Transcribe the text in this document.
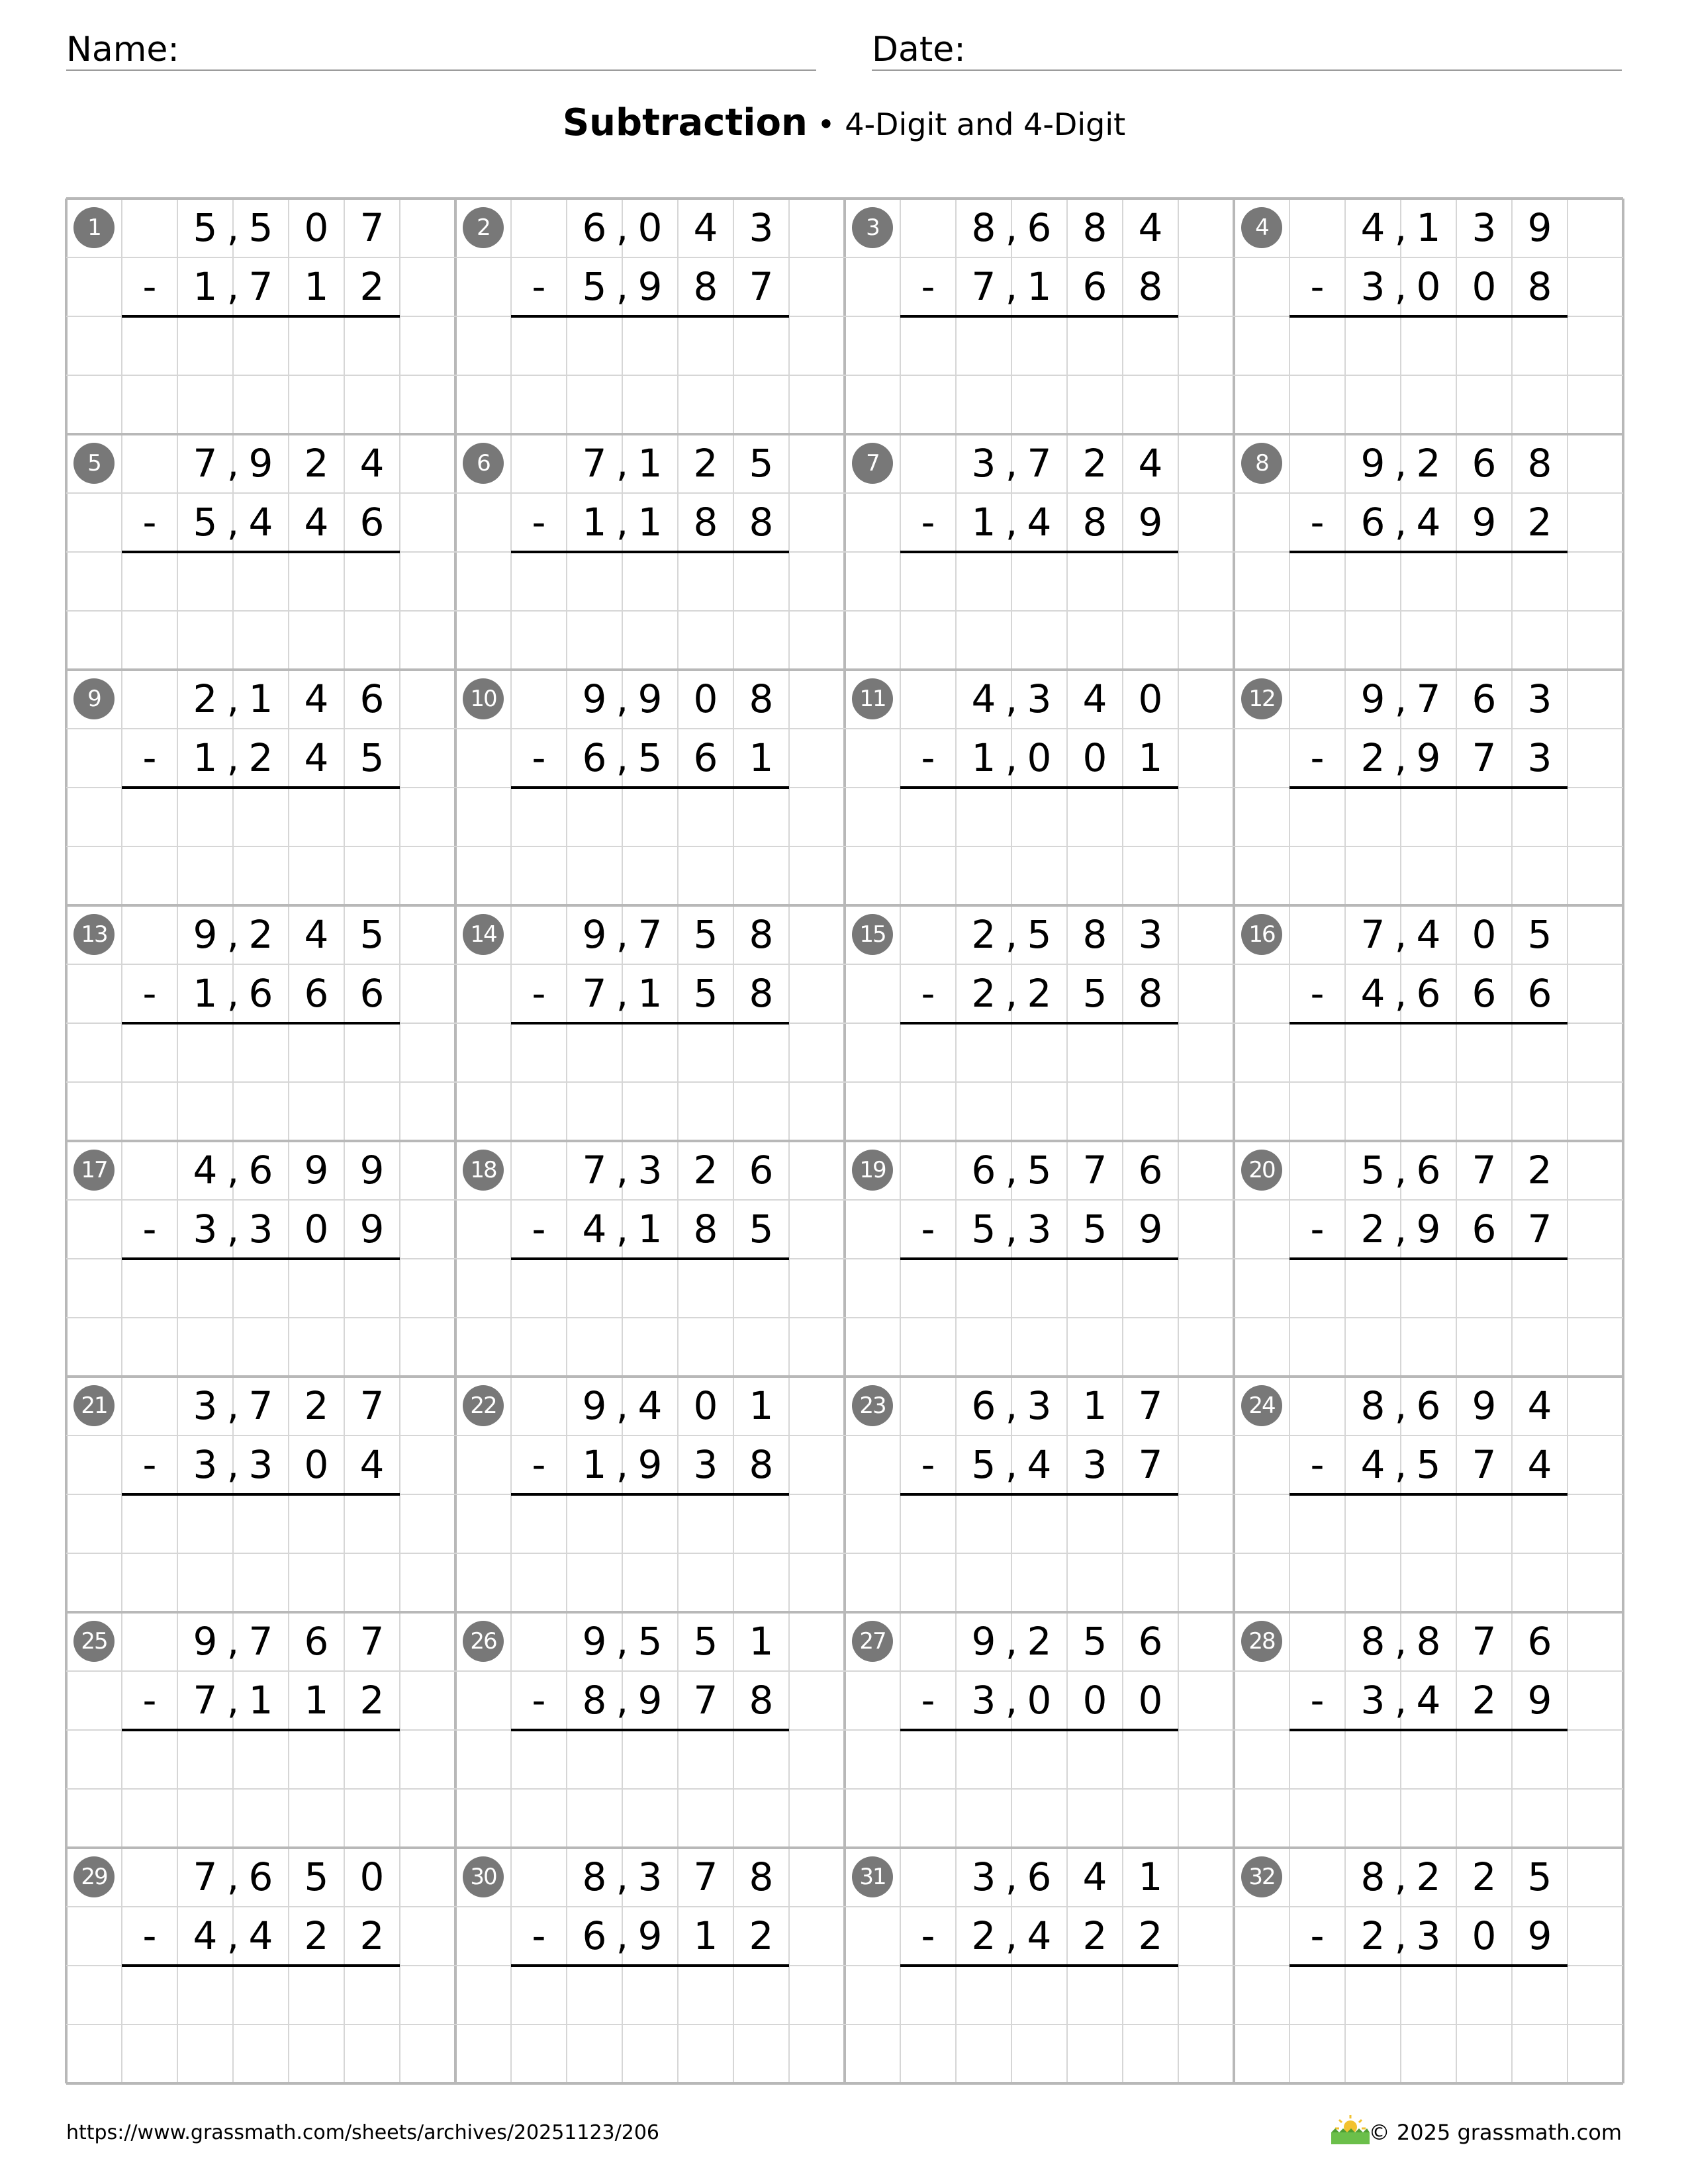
Name:	Date:
Subtraction • 4-Digit and 4-Digit
1	5 5 0 7
,
1 7 1 2
,
-
2	6 0 4 3
,
5 9 8 7
,
-
3	8 6 8 4
,
7 1 6 8
,
-
4	4 1 3 9
,
3 0 0 8
,
-
5	7 9 2 4
,
5 4 4 6
,
-
6	7 1 2 5
,
1 1 8 8
,
-
7	3 7 2 4
,
1 4 8 9
,
-
8	9 2 6 8
,
6 4 9 2
,
-
9	2 1 4 6
,
1 2 4 5
,
-
10	9 9 0 8
,
6 5 6 1
,
-
11	4 3 4 0
,
1 0 0 1
,
-
12	9 7 6 3
,
2 9 7 3
,
-
13	9 2 4 5
,
1 6 6 6
,
-
14	9 7 5 8
,
7 1 5 8
,
-
15	2 5 8 3
,
2 2 5 8
,
-
16	7 4 0 5
,
4 6 6 6
,
-
17	4 6 9 9
,
3 3 0 9
,
-
18	7 3 2 6
,
4 1 8 5
,
-
19	6 5 7 6
,
5 3 5 9
,
-
20	5 6 7 2
,
2 9 6 7
,
-
21	3 7 2 7
,
3 3 0 4
,
-
22	9 4 0 1
,
1 9 3 8
,
-
23	6 3 1 7
,
5 4 3 7
,
-
24	8 6 9 4
,
4 5 7 4
,
-
25	9 7 6 7
,
7 1 1 2
,
-
26	9 5 5 1
,
8 9 7 8
,
-
27	9 2 5 6
,
3 0 0 0
,
-
28	8 8 7 6
,
3 4 2 9
,
-
29	7 6 5 0
,
4 4 2 2
,
-
30	8 3 7 8
,
6 9 1 2
,
-
31	3 6 4 1
,
2 4 2 2
,
-
32	8 2 2 5
,
2 3 0 9
,
-
https://www.grassmath.com/sheets/archives/20251123/206	© 2025 grassmath.com
